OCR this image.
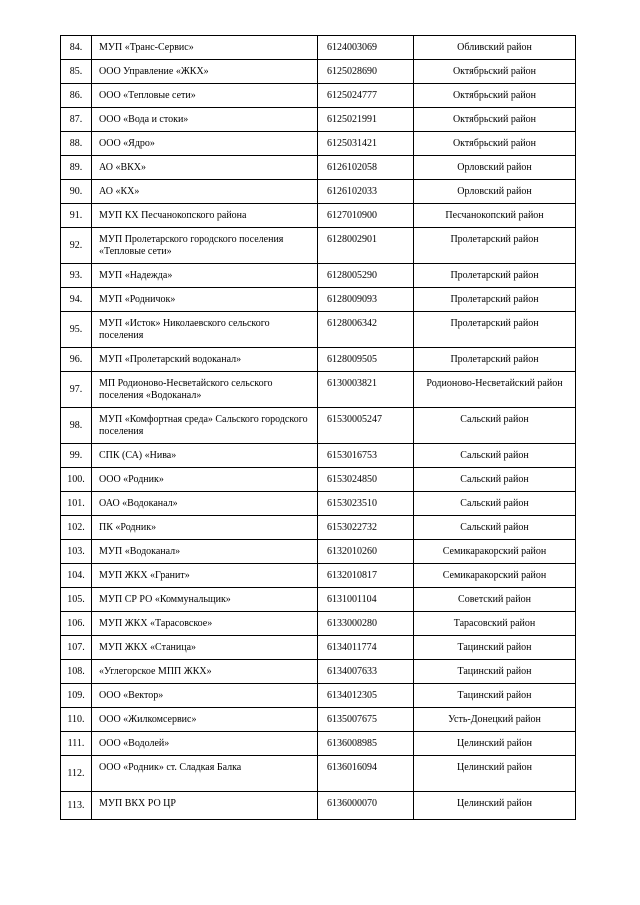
84.	МУП «Транс-Сервис»	6124003069	Обливский район
85.	ООО Управление «ЖКХ»	6125028690	Октябрьский район
86.	ООО «Тепловые сети»	6125024777	Октябрьский район
87.	ООО «Вода и стоки»	6125021991	Октябрьский район
88.	ООО «Ядро»	6125031421	Октябрьский район
89.	АО «ВКХ»	6126102058	Орловский район
90.	АО «КХ»	6126102033	Орловский район
91.	МУП КХ Песчанокопского района	6127010900	Песчанокопский район
92.	МУП Пролетарского городского поселения «Тепловые сети»	6128002901	Пролетарский район
93.	МУП «Надежда»	6128005290	Пролетарский район
94.	МУП «Родничок»	6128009093	Пролетарский район
95.	МУП «Исток» Николаевского сельского поселения	6128006342	Пролетарский район
96.	МУП «Пролетарский водоканал»	6128009505	Пролетарский район
97.	МП Родионово-Несветайского сельского поселения «Водоканал»	6130003821	Родионово-Несветайский район
98.	МУП «Комфортная среда» Сальского городского поселения	61530005247	Сальский район
99.	СПК (СА) «Нива»	6153016753	Сальский район
100.	ООО «Родник»	6153024850	Сальский район
101.	ОАО «Водоканал»	6153023510	Сальский район
102.	ПК «Родник»	6153022732	Сальский район
103.	МУП «Водоканал»	6132010260	Семикаракорский район
104.	МУП ЖКХ «Гранит»	6132010817	Семикаракорский район
105.	МУП СР РО «Коммунальщик»	6131001104	Советский район
106.	МУП ЖКХ «Тарасовское»	6133000280	Тарасовский район
107.	МУП ЖКХ «Станица»	6134011774	Тацинский район
108.	«Углегорское МПП ЖКХ»	6134007633	Тацинский район
109.	ООО «Вектор»	6134012305	Тацинский район
110.	ООО «Жилкомсервис»	6135007675	Усть-Донецкий район
111.	ООО «Водолей»	6136008985	Целинский район
112.	ООО «Родник» ст. Сладкая Балка	6136016094	Целинский район
113.	МУП ВКХ РО ЦР	6136000070	Целинский район
